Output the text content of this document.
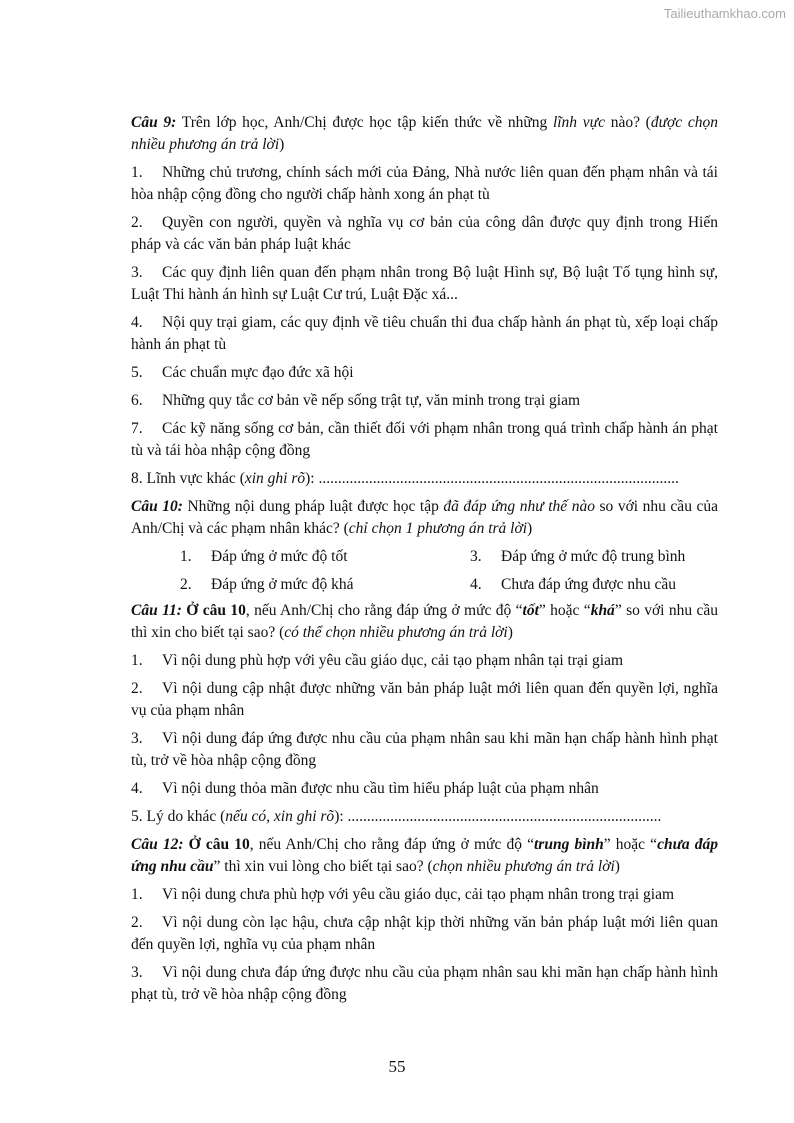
Tailieuthamkhao.com

Câu 9: Trên lớp học, Anh/Chị được học tập kiến thức về những lĩnh vực nào? (được chọn nhiều phương án trả lời)

1. Những chủ trương, chính sách mới của Đảng, Nhà nước liên quan đến phạm nhân và tái hòa nhập cộng đồng cho người chấp hành xong án phạt tù

2. Quyền con người, quyền và nghĩa vụ cơ bản của công dân được quy định trong Hiến pháp và các văn bản pháp luật khác

3. Các quy định liên quan đến phạm nhân trong Bộ luật Hình sự, Bộ luật Tố tụng hình sự, Luật Thi hành án hình sự Luật Cư trú, Luật Đặc xá...

4. Nội quy trại giam, các quy định về tiêu chuẩn thi đua chấp hành án phạt tù, xếp loại chấp hành án phạt tù

5. Các chuẩn mực đạo đức xã hội

6. Những quy tắc cơ bản về nếp sống trật tự, văn minh trong trại giam

7. Các kỹ năng sống cơ bản, cần thiết đối với phạm nhân trong quá trình chấp hành án phạt tù và tái hòa nhập cộng đồng

8. Lĩnh vực khác (xin ghi rõ): .............................................................................................

Câu 10: Những nội dung pháp luật được học tập đã đáp ứng như thế nào so với nhu cầu của Anh/Chị và các phạm nhân khác? (chỉ chọn 1 phương án trả lời)

1. Đáp ứng ở mức độ tốt	3. Đáp ứng ở mức độ trung bình
2. Đáp ứng ở mức độ khá	4. Chưa đáp ứng được nhu cầu

Câu 11: Ở câu 10, nếu Anh/Chị cho rằng đáp ứng ở mức độ “tốt” hoặc “khá” so với nhu cầu thì xin cho biết tại sao? (có thể chọn nhiều phương án trả lời)

1. Vì nội dung phù hợp với yêu cầu giáo dục, cải tạo phạm nhân tại trại giam

2. Vì nội dung cập nhật được những văn bản pháp luật mới liên quan đến quyền lợi, nghĩa vụ của phạm nhân

3. Vì nội dung đáp ứng được nhu cầu của phạm nhân sau khi mãn hạn chấp hành hình phạt tù, trở về hòa nhập cộng đồng

4. Vì nội dung thỏa mãn được nhu cầu tìm hiểu pháp luật của phạm nhân

5. Lý do khác (nếu có, xin ghi rõ): .................................................................................

Câu 12: Ở câu 10, nếu Anh/Chị cho rằng đáp ứng ở mức độ “trung bình” hoặc “chưa đáp ứng nhu cầu” thì xin vui lòng cho biết tại sao? (chọn nhiều phương án trả lời)

1. Vì nội dung chưa phù hợp với yêu cầu giáo dục, cải tạo phạm nhân trong trại giam

2. Vì nội dung còn lạc hậu, chưa cập nhật kịp thời những văn bản pháp luật mới liên quan đến quyền lợi, nghĩa vụ của phạm nhân

3. Vì nội dung chưa đáp ứng được nhu cầu của phạm nhân sau khi mãn hạn chấp hành hình phạt tù, trở về hòa nhập cộng đồng

55
